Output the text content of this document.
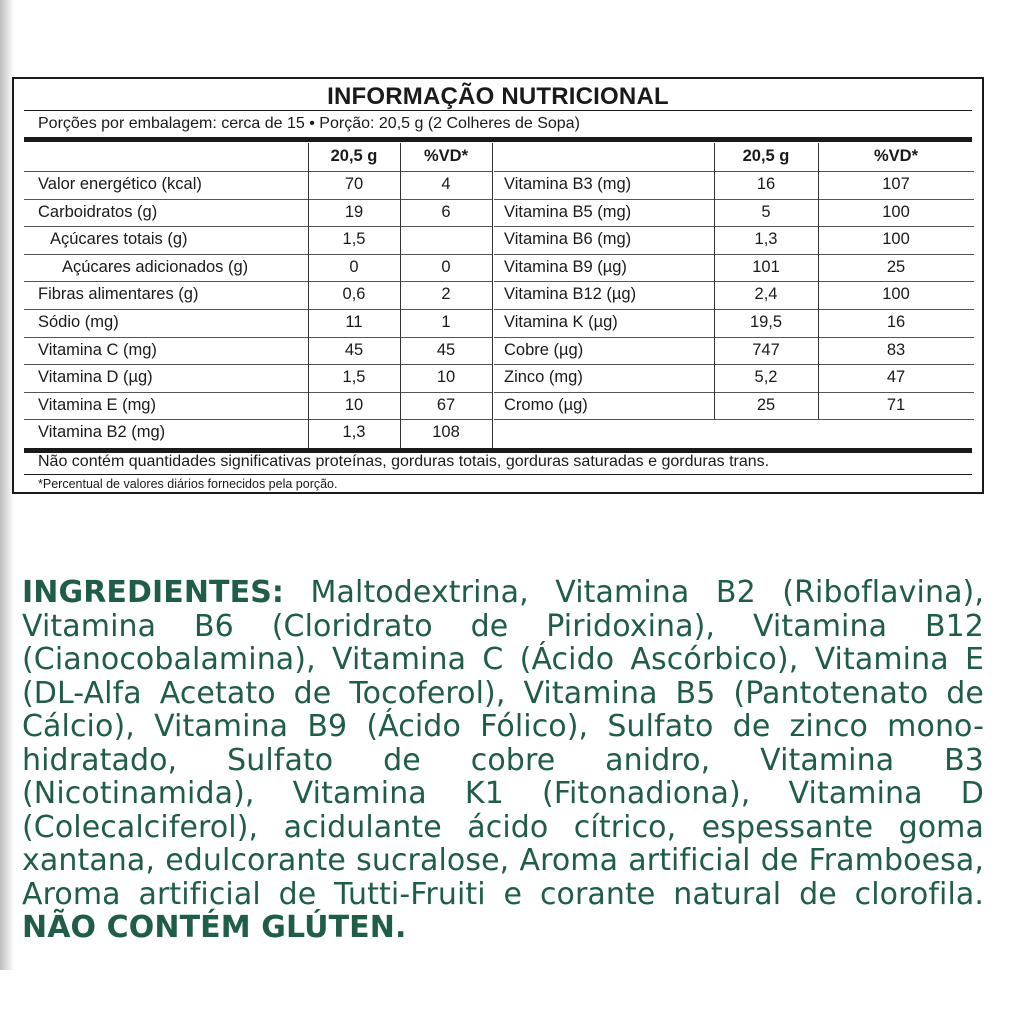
INFORMAÇÃO NUTRICIONAL
Porções por embalagem: cerca de 15 • Porção: 20,5 g (2 Colheres de Sopa)
20,5 g	%VD*	20,5 g	%VD*
Valor energético (kcal)	70	4
Carboidratos (g)	19	6
Açúcares totais (g)	1,5
Açúcares adicionados (g)	0	0
Fibras alimentares (g)	0,6	2
Sódio (mg)	11	1
Vitamina C (mg)	45	45
Vitamina D (µg)	1,5	10
Vitamina E (mg)	10	67
Vitamina B2 (mg)	1,3	108
Vitamina B3 (mg)	16	107
Vitamina B5 (mg)	5	100
Vitamina B6 (mg)	1,3	100
Vitamina B9 (µg)	101	25
Vitamina B12 (µg)	2,4	100
Vitamina K (µg)	19,5	16
Cobre (µg)	747	83
Zinco (mg)	5,2	47
Cromo (µg)	25	71
Não contém quantidades significativas proteínas, gorduras totais, gorduras saturadas e gorduras trans.
*Percentual de valores diários fornecidos pela porção.
INGREDIENTES: Maltodextrina, Vitamina B2 (Riboflavina), Vitamina B6 (Cloridrato de Piridoxina), Vitamina B12 (Cianocobalamina), Vitamina C (Ácido Ascórbico), Vitamina E (DL-Alfa Acetato de Tocoferol), Vitamina B5 (Pantotenato de Cálcio), Vitamina B9 (Ácido Fólico), Sulfato de zinco mono-hidratado, Sulfato de cobre anidro, Vitamina B3 (Nicotinamida), Vitamina K1 (Fitonadiona), Vitamina D (Colecalciferol), acidulante ácido cítrico, espessante goma xantana, edulcorante sucralose, Aroma artificial de Framboesa, Aroma artificial de Tutti-Fruiti e corante natural de clorofila. NÃO CONTÉM GLÚTEN.
